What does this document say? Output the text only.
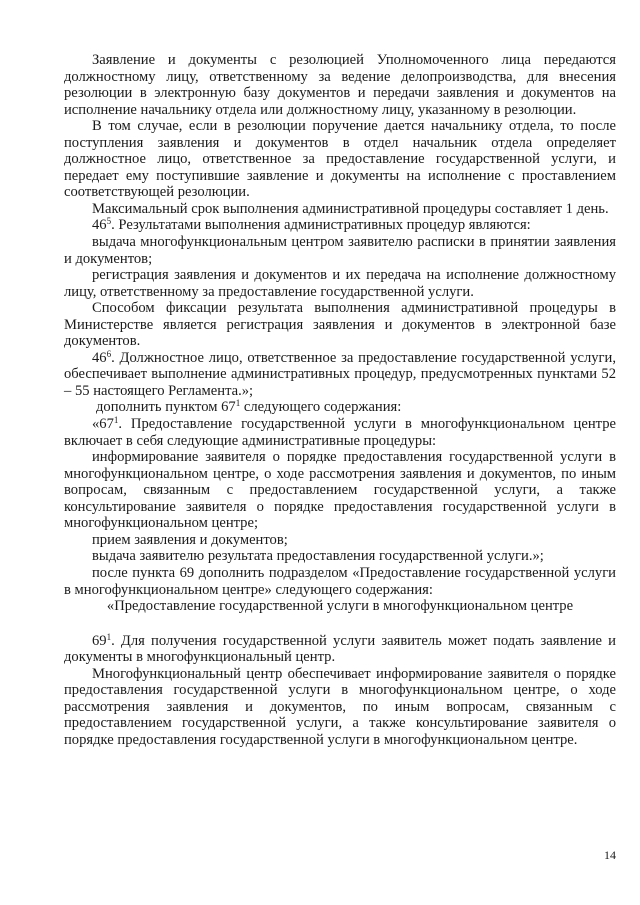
Заявление и документы с резолюцией Уполномоченного лица передаются должностному лицу, ответственному за ведение делопроизводства, для внесения резолюции в электронную базу документов и передачи заявления и документов на исполнение начальнику отдела или должностному лицу, указанному в резолюции.

В том случае, если в резолюции поручение дается начальнику отдела, то после поступления заявления и документов в отдел начальник отдела определяет должностное лицо, ответственное за предоставление государственной услуги, и передает ему поступившие заявление и документы на исполнение с проставлением соответствующей резолюции.

Максимальный срок выполнения административной процедуры составляет 1 день.

$46^5$. Результатами выполнения административных процедур являются:

выдача многофункциональным центром заявителю расписки в принятии заявления и документов;

регистрация заявления и документов и их передача на исполнение должностному лицу, ответственному за предоставление государственной услуги.

Способом фиксации результата выполнения административной процедуры в Министерстве является регистрация заявления и документов в электронной базе документов.

$46^6$. Должностное лицо, ответственное за предоставление государственной услуги, обеспечивает выполнение административных процедур, предусмотренных пунктами 52 – 55 настоящего Регламента.»;

дополнить пунктом $67^1$ следующего содержания:

«$67^1$. Предоставление государственной услуги в многофункциональном центре включает в себя следующие административные процедуры:

информирование заявителя о порядке предоставления государственной услуги в многофункциональном центре, о ходе рассмотрения заявления и документов, по иным вопросам, связанным с предоставлением государственной услуги, а также консультирование заявителя о порядке предоставления государственной услуги в многофункциональном центре;

прием заявления и документов;

выдача заявителю результата предоставления государственной услуги.»;

после пункта 69 дополнить подразделом «Предоставление государственной услуги в многофункциональном центре» следующего содержания:

«Предоставление государственной услуги в многофункциональном центре

$69^1$. Для получения государственной услуги заявитель может подать заявление и документы в многофункциональный центр.

Многофункциональный центр обеспечивает информирование заявителя о порядке предоставления государственной услуги в многофункциональном центре, о ходе рассмотрения заявления и документов, по иным вопросам, связанным с предоставлением государственной услуги, а также консультирование заявителя о порядке предоставления государственной услуги в многофункциональном центре.

14
